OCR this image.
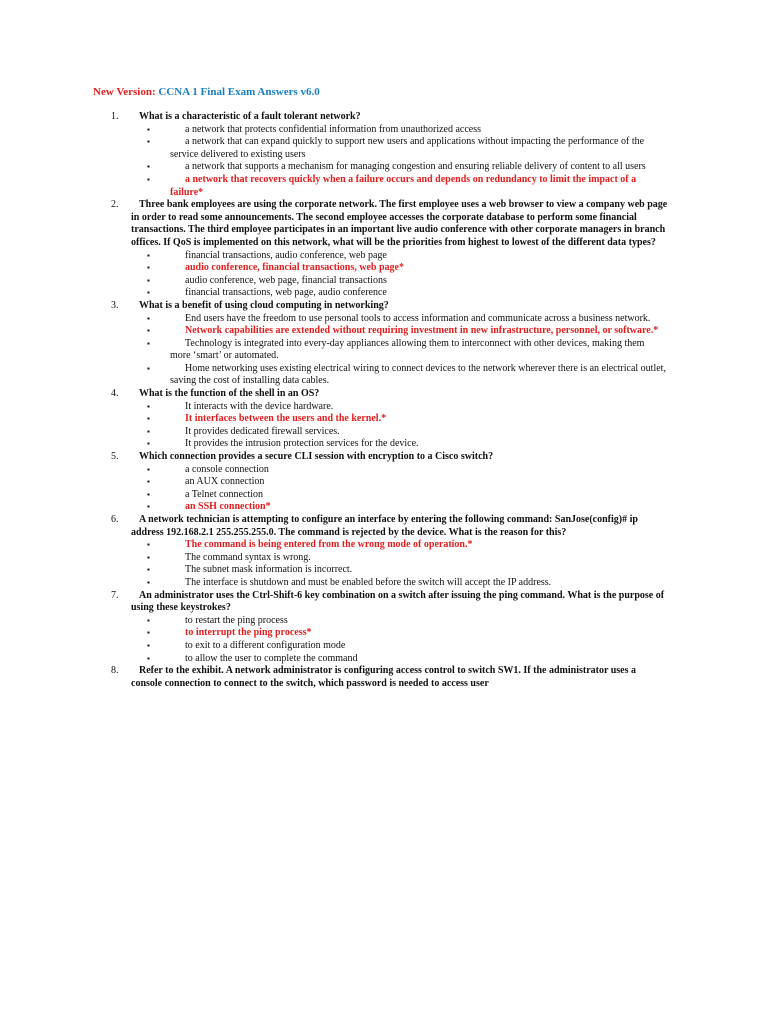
New Version: CCNA 1 Final Exam Answers v6.0
1.	What is a characteristic of a fault tolerant network?
▪	a network that protects confidential information from unauthorized access
▪	a network that can expand quickly to support new users and applications without impacting the performance of the service delivered to existing users
▪	a network that supports a mechanism for managing congestion and ensuring reliable delivery of content to all users
▪	a network that recovers quickly when a failure occurs and depends on redundancy to limit the impact of a failure*
2.	Three bank employees are using the corporate network. The first employee uses a web browser to view a company web page in order to read some announcements. The second employee accesses the corporate database to perform some financial transactions. The third employee participates in an important live audio conference with other corporate managers in branch offices. If QoS is implemented on this network, what will be the priorities from highest to lowest of the different data types?
▪	financial transactions, audio conference, web page
▪	audio conference, financial transactions, web page*
▪	audio conference, web page, financial transactions
▪	financial transactions, web page, audio conference
3.	What is a benefit of using cloud computing in networking?
▪	End users have the freedom to use personal tools to access information and communicate across a business network.
▪	Network capabilities are extended without requiring investment in new infrastructure, personnel, or software.*
▪	Technology is integrated into every-day appliances allowing them to interconnect with other devices, making them more ‘smart’ or automated.
▪	Home networking uses existing electrical wiring to connect devices to the network wherever there is an electrical outlet, saving the cost of installing data cables.
4.	What is the function of the shell in an OS?
▪	It interacts with the device hardware.
▪	It interfaces between the users and the kernel.*
▪	It provides dedicated firewall services.
▪	It provides the intrusion protection services for the device.
5.	Which connection provides a secure CLI session with encryption to a Cisco switch?
▪	a console connection
▪	an AUX connection
▪	a Telnet connection
▪	an SSH connection*
6.	A network technician is attempting to configure an interface by entering the following command: SanJose(config)# ip address 192.168.2.1 255.255.255.0. The command is rejected by the device. What is the reason for this?
▪	The command is being entered from the wrong mode of operation.*
▪	The command syntax is wrong.
▪	The subnet mask information is incorrect.
▪	The interface is shutdown and must be enabled before the switch will accept the IP address.
7.	An administrator uses the Ctrl-Shift-6 key combination on a switch after issuing the ping command. What is the purpose of using these keystrokes?
▪	to restart the ping process
▪	to interrupt the ping process*
▪	to exit to a different configuration mode
▪	to allow the user to complete the command
8.	Refer to the exhibit. A network administrator is configuring access control to switch SW1. If the administrator uses a console connection to connect to the switch, which password is needed to access user
